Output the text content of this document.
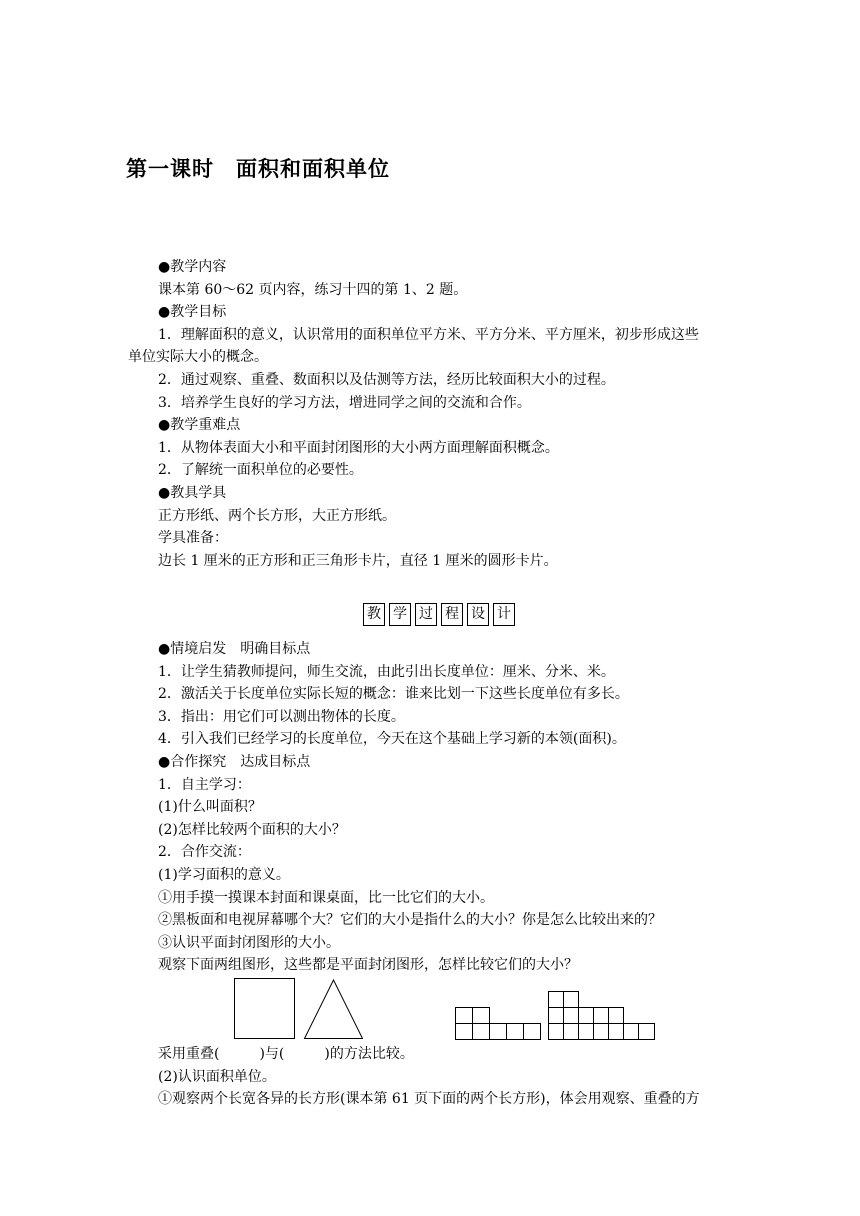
第一课时　面积和面积单位

●教学内容

课本第 60～62 页内容，练习十四的第 1、2 题。

●教学目标

1．理解面积的意义，认识常用的面积单位平方米、平方分米、平方厘米，初步形成这些

单位实际大小的概念。

2．通过观察、重叠、数面积以及估测等方法，经历比较面积大小的过程。

3．培养学生良好的学习方法，增进同学之间的交流和合作。

●教学重难点

1．从物体表面大小和平面封闭图形的大小两方面理解面积概念。

2．了解统一面积单位的必要性。

●教具学具

正方形纸、两个长方形，大正方形纸。

学具准备：

边长 1 厘米的正方形和正三角形卡片，直径 1 厘米的圆形卡片。

教 学 过 程 设 计

●情境启发　明确目标点

1．让学生猜教师提问，师生交流，由此引出长度单位：厘米、分米、米。

2．激活关于长度单位实际长短的概念：谁来比划一下这些长度单位有多长。

3．指出：用它们可以测出物体的长度。

4．引入我们已经学习的长度单位，今天在这个基础上学习新的本领(面积)。

●合作探究　达成目标点

1．自主学习：

(1)什么叫面积？

(2)怎样比较两个面积的大小？

2．合作交流：

(1)学习面积的意义。

①用手摸一摸课本封面和课桌面，比一比它们的大小。

②黑板面和电视屏幕哪个大？它们的大小是指什么的大小？你是怎么比较出来的？

③认识平面封闭图形的大小。

观察下面两组图形，这些都是平面封闭图形，怎样比较它们的大小？

采用重叠(	)与(	)的方法比较。

(2)认识面积单位。

①观察两个长宽各异的长方形(课本第 61 页下面的两个长方形)，体会用观察、重叠的方
